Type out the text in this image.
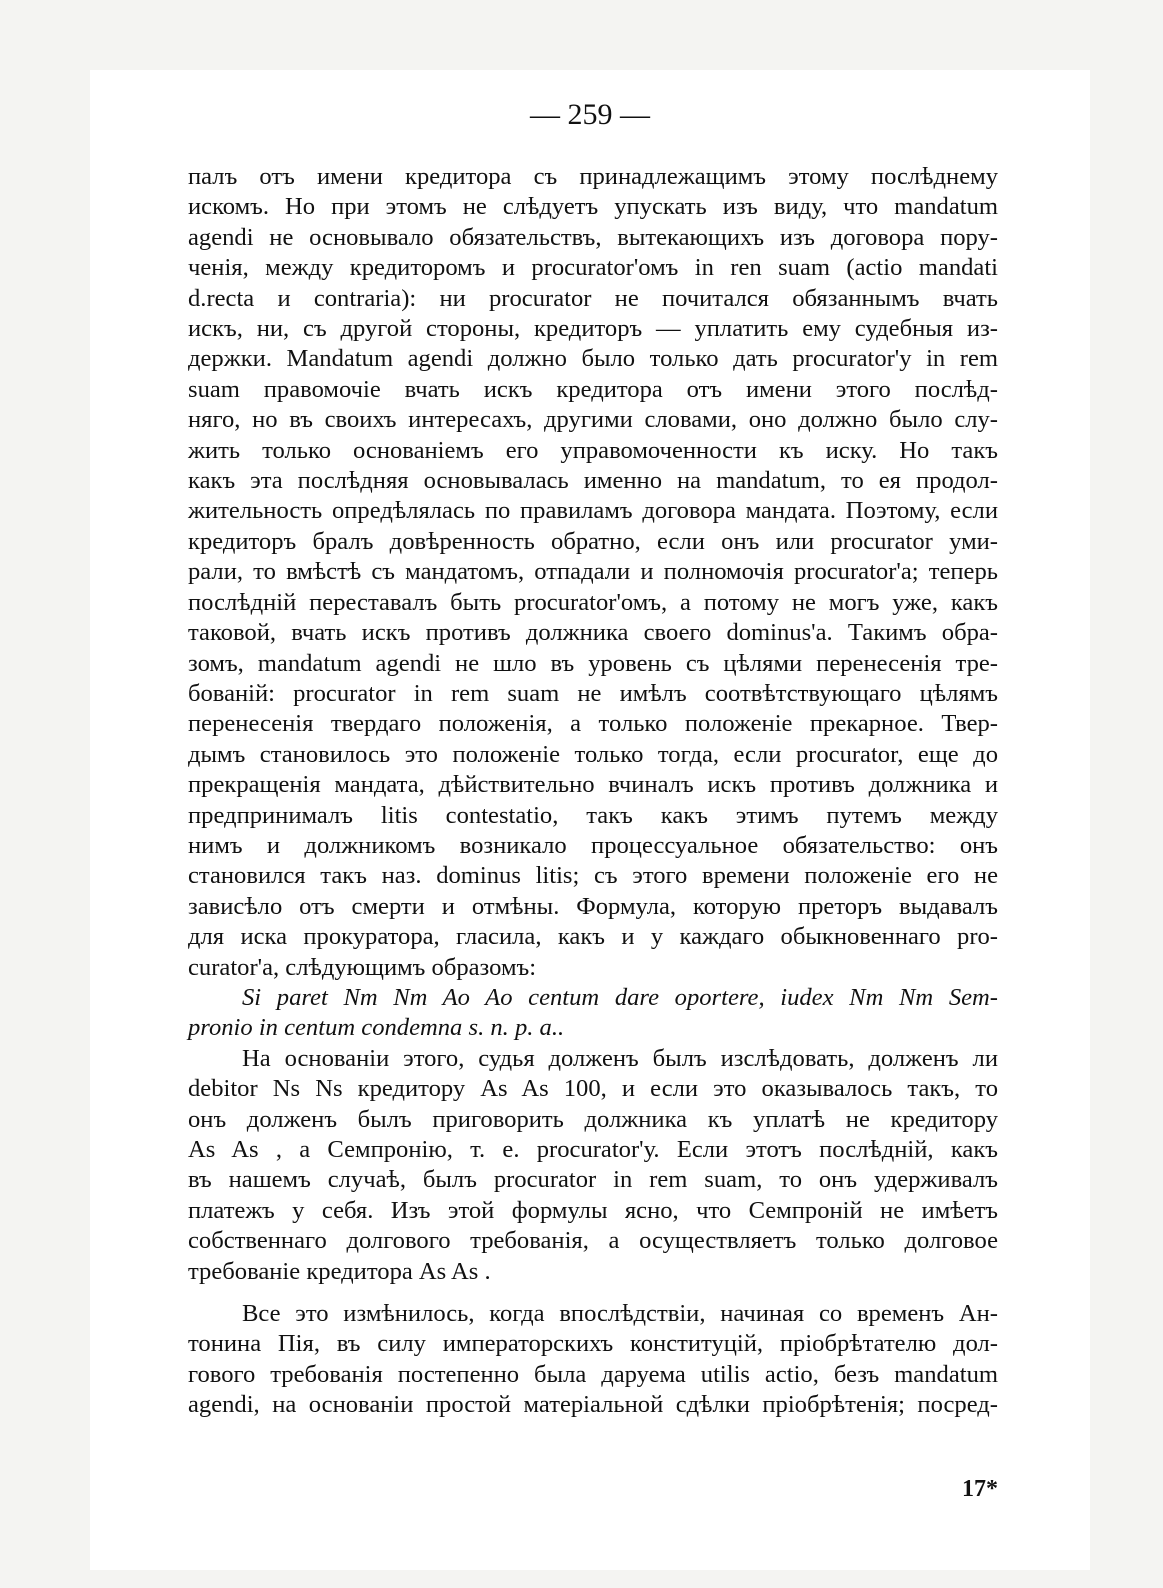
— 259 —

палъ отъ имени кредитора съ принадлежащимъ этому послѣднему
искомъ. Но при этомъ не слѣдуетъ упускать изъ виду, что mandatum
agendi не основывало обязательствъ, вытекающихъ изъ договора пору-
ченія, между кредиторомъ и procurator'омъ in ren suam (actio mandati
d.recta и contraria): ни procurator не почитался обязаннымъ вчать
искъ, ни, съ другой стороны, кредиторъ — уплатить ему судебныя из-
держки. Mandatum agendi должно было только дать procurator'у in rem
suam правомочіе вчать искъ кредитора отъ имени этого послѣд-
няго, но въ своихъ интересахъ, другими словами, оно должно было слу-
жить только основаніемъ его управомоченности къ иску. Но такъ
какъ эта послѣдняя основывалась именно на mandatum, то ея продол-
жительность опредѣлялась по правиламъ договора мандата. Поэтому, если
кредиторъ бралъ довѣренность обратно, если онъ или procurator уми-
рали, то вмѣстѣ съ мандатомъ, отпадали и полномочія procurator'а; теперь
послѣдній переставалъ быть procurator'омъ, а потому не могъ уже, какъ
таковой, вчать искъ противъ должника своего dominus'а. Такимъ обра-
зомъ, mandatum agendi не шло въ уровень съ цѣлями перенесенія тре-
бованій: procurator in rem suam не имѣлъ соотвѣтствующаго цѣлямъ
перенесенія твердаго положенія, а только положеніе прекарное. Твер-
дымъ становилось это положеніе только тогда, если procurator, еще до
прекращенія мандата, дѣйствительно вчиналъ искъ противъ должника и
предпринималъ litis contestatio, такъ какъ этимъ путемъ между
нимъ и должникомъ возникало процессуальное обязательство: онъ
становился такъ наз. dominus litis; съ этого времени положеніе его не
зависѣло отъ смерти и отмѣны. Формула, которую преторъ выдавалъ
для иска прокуратора, гласила, какъ и у каждаго обыкновеннаго pro-
curator'а, слѣдующимъ образомъ:

Si paret Nm Nm Ao Ao centum dare oportere, iudex Nm Nm Sem-
pronio in centum condemna s. n. p. a..

На основаніи этого, судья долженъ былъ изслѣдовать, долженъ ли
debitor Ns Ns кредитору As As 100, и если это оказывалось такъ, то
онъ долженъ былъ приговорить должника къ уплатѣ не кредитору
As As , а Семпронію, т. е. procurator'у. Если этотъ послѣдній, какъ
въ нашемъ случаѣ, былъ procurator in rem suam, то онъ удерживалъ
платежъ у себя. Изъ этой формулы ясно, что Семпроній не имѣетъ
собственнаго долгового требованія, а осуществляетъ только долговое
требованіе кредитора As As .

Все это измѣнилось, когда впослѣдствіи, начиная со временъ Ан-
тонина Пія, въ силу императорскихъ конституцій, пріобрѣтателю дол-
гового требованія постепенно была даруема utilis actio, безъ mandatum
agendi, на основаніи простой матеріальной сдѣлки пріобрѣтенія; посред-

17*
